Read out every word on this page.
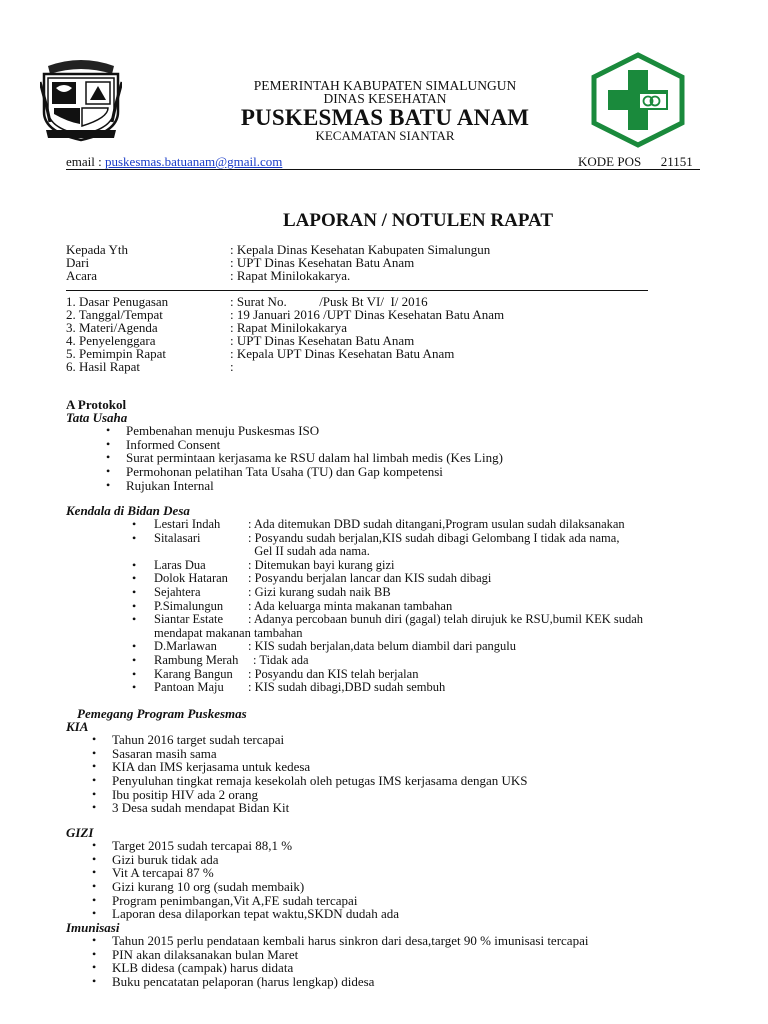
PEMERINTAH KABUPATEN SIMALUNGUN
DINAS KESEHATAN
PUSKESMAS BATU ANAM
KECAMATAN SIANTAR
email : puskesmas.batuanam@gmail.com	KODE POS      21151
LAPORAN / NOTULEN RAPAT
Kepada Yth	: Kepala Dinas Kesehatan Kabupaten Simalungun
Dari	: UPT Dinas Kesehatan Batu Anam
Acara	: Rapat Minilokakarya.
1. Dasar Penugasan	: Surat No.          /Pusk Bt VI/  I/ 2016
2. Tanggal/Tempat	: 19 Januari 2016 /UPT Dinas Kesehatan Batu Anam
3. Materi/Agenda	: Rapat Minilokakarya
4. Penyelenggara	: UPT Dinas Kesehatan Batu Anam
5. Pemimpin Rapat	: Kepala UPT Dinas Kesehatan Batu Anam
6. Hasil Rapat	:
A Protokol
Tata Usaha
• Pembenahan menuju Puskesmas ISO
• Informed Consent
• Surat permintaan kerjasama ke RSU dalam hal limbah medis (Kes Ling)
• Permohonan pelatihan Tata Usaha (TU) dan Gap kompetensi
• Rujukan Internal
Kendala di Bidan Desa
Lestari Indah : Ada ditemukan DBD sudah ditangani,Program usulan sudah dilaksanakan
Sitalasari	: Posyandu sudah berjalan,KIS sudah dibagi Gelombang I tidak ada nama,
Gel II sudah ada nama.
Laras Dua	: Ditemukan bayi kurang gizi
Dolok Hataran : Posyandu berjalan lancar dan KIS sudah dibagi
Sejahtera	: Gizi kurang sudah naik BB
P.Simalungun : Ada keluarga minta makanan tambahan
Siantar Estate : Adanya percobaan bunuh diri (gagal) telah dirujuk ke RSU,bumil KEK sudah
mendapat makanan tambahan
D.Marlawan : KIS sudah berjalan,data belum diambil dari pangulu
Rambung Merah : Tidak ada
Karang Bangun : Posyandu dan KIS telah berjalan
Pantoan Maju : KIS sudah dibagi,DBD sudah sembuh
Pemegang Program Puskesmas
KIA
• Tahun 2016 target sudah tercapai
• Sasaran masih sama
• KIA dan IMS kerjasama untuk kedesa
• Penyuluhan tingkat remaja kesekolah oleh petugas IMS kerjasama dengan UKS
• Ibu positip HIV ada 2 orang
• 3 Desa sudah mendapat Bidan Kit
GIZI
• Target 2015 sudah tercapai 88,1 %
• Gizi buruk tidak ada
• Vit A tercapai 87 %
• Gizi kurang 10 org (sudah membaik)
• Program penimbangan,Vit A,FE sudah tercapai
• Laporan desa dilaporkan tepat waktu,SKDN dudah ada
Imunisasi
• Tahun 2015 perlu pendataan kembali harus sinkron dari desa,target 90 % imunisasi tercapai
• PIN akan dilaksanakan bulan Maret
• KLB didesa (campak) harus didata
• Buku pencatatan pelaporan (harus lengkap) didesa
